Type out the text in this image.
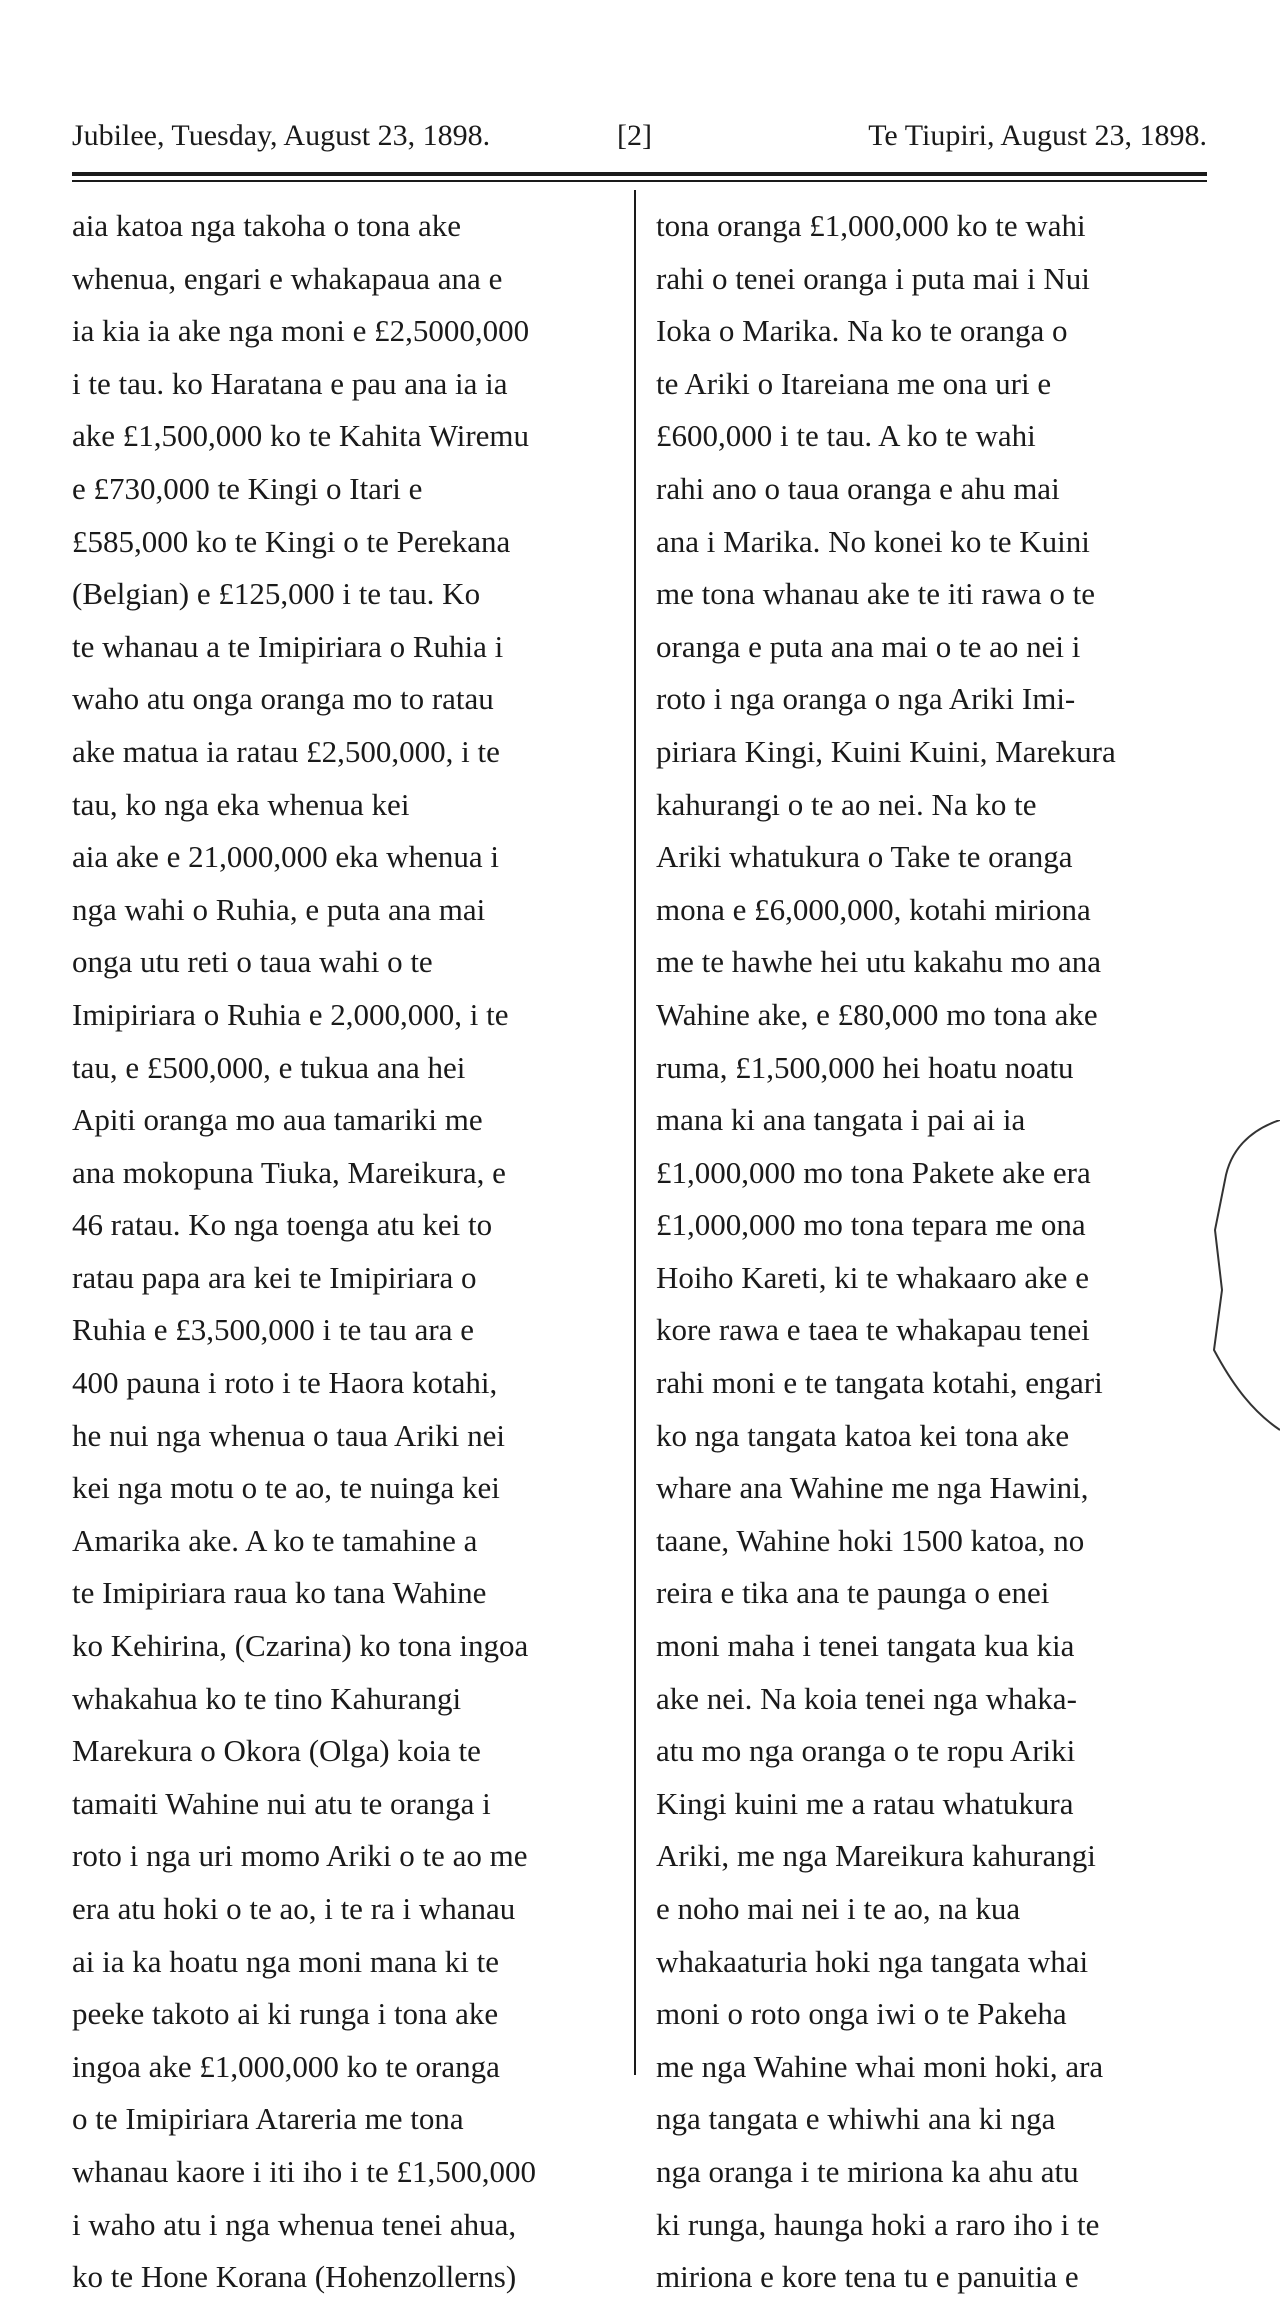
Jubilee, Tuesday, August 23, 1898.	[2]	Te Tiupiri, August 23, 1898.
aia katoa nga takoha o tona ake
whenua, engari e whakapaua ana e
ia kia ia ake nga moni e £2,5000,000
i te tau. ko Haratana e pau ana ia ia
ake £1,500,000 ko te Kahita Wiremu
e £730,000 te Kingi o Itari e
£585,000 ko te Kingi o te Perekana
(Belgian) e £125,000 i te tau. Ko
te whanau a te Imipiriara o Ruhia i
waho atu onga oranga mo to ratau
ake matua ia ratau £2,500,000, i te
tau, ko nga eka whenua kei
aia ake e 21,000,000 eka whenua i
nga wahi o Ruhia, e puta ana mai
onga utu reti o taua wahi o te
Imipiriara o Ruhia e 2,000,000, i te
tau, e £500,000, e tukua ana hei
Apiti oranga mo aua tamariki me
ana mokopuna Tiuka, Mareikura, e
46 ratau. Ko nga toenga atu kei to
ratau papa ara kei te Imipiriara o
Ruhia e £3,500,000 i te tau ara e
400 pauna i roto i te Haora kotahi,
he nui nga whenua o taua Ariki nei
kei nga motu o te ao, te nuinga kei
Amarika ake. A ko te tamahine a
te Imipiriara raua ko tana Wahine
ko Kehirina, (Czarina) ko tona ingoa
whakahua ko te tino Kahurangi
Marekura o Okora (Olga) koia te
tamaiti Wahine nui atu te oranga i
roto i nga uri momo Ariki o te ao me
era atu hoki o te ao, i te ra i whanau
ai ia ka hoatu nga moni mana ki te
peeke takoto ai ki runga i tona ake
ingoa ake £1,000,000 ko te oranga
o te Imipiriara Atareria me tona
whanau kaore i iti iho i te £1,500,000
i waho atu i nga whenua tenei ahua,
ko te Hone Korana (Hohenzollerns)
tona oranga £1,000,000 ko te wahi
rahi o tenei oranga i puta mai i Nui
Ioka o Marika. Na ko te oranga o
te Ariki o Itareiana me ona uri e
£600,000 i te tau. A ko te wahi
rahi ano o taua oranga e ahu mai
ana i Marika. No konei ko te Kuini
me tona whanau ake te iti rawa o te
oranga e puta ana mai o te ao nei i
roto i nga oranga o nga Ariki Imi-
piriara Kingi, Kuini Kuini, Marekura
kahurangi o te ao nei. Na ko te
Ariki whatukura o Take te oranga
mona e £6,000,000, kotahi miriona
me te hawhe hei utu kakahu mo ana
Wahine ake, e £80,000 mo tona ake
ruma, £1,500,000 hei hoatu noatu
mana ki ana tangata i pai ai ia
£1,000,000 mo tona Pakete ake era
£1,000,000 mo tona tepara me ona
Hoiho Kareti, ki te whakaaro ake e
kore rawa e taea te whakapau tenei
rahi moni e te tangata kotahi, engari
ko nga tangata katoa kei tona ake
whare ana Wahine me nga Hawini,
taane, Wahine hoki 1500 katoa, no
reira e tika ana te paunga o enei
moni maha i tenei tangata kua kia
ake nei. Na koia tenei nga whaka-
atu mo nga oranga o te ropu Ariki
Kingi kuini me a ratau whatukura
Ariki, me nga Mareikura kahurangi
e noho mai nei i te ao, na kua
whakaaturia hoki nga tangata whai
moni o roto onga iwi o te Pakeha
me nga Wahine whai moni hoki, ara
nga tangata e whiwhi ana ki nga
nga oranga i te miriona ka ahu atu
ki runga, haunga hoki a raro iho i te
miriona e kore tena tu e panuitia e
